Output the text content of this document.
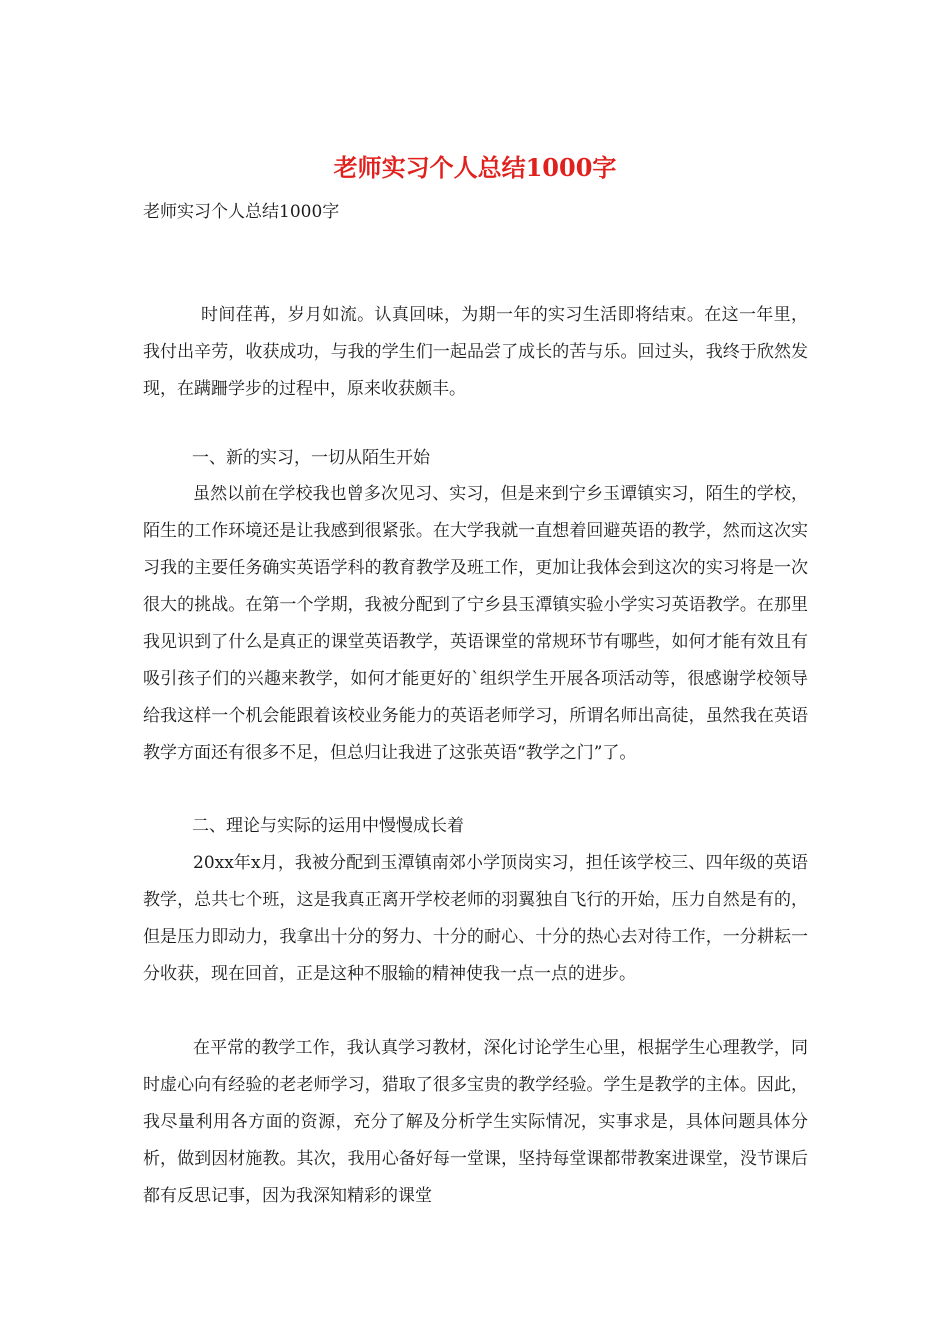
老师实习个人总结1000字

老师实习个人总结1000字

时间荏苒，岁月如流。认真回味，为期一年的实习生活即将结束。在这一年里，我付出辛劳，收获成功，与我的学生们一起品尝了成长的苦与乐。回过头，我终于欣然发现，在蹒跚学步的过程中，原来收获颇丰。

一、新的实习，一切从陌生开始

虽然以前在学校我也曾多次见习、实习，但是来到宁乡玉谭镇实习，陌生的学校，陌生的工作环境还是让我感到很紧张。在大学我就一直想着回避英语的教学，然而这次实习我的主要任务确实英语学科的教育教学及班工作，更加让我体会到这次的实习将是一次很大的挑战。在第一个学期，我被分配到了宁乡县玉潭镇实验小学实习英语教学。在那里我见识到了什么是真正的课堂英语教学，英语课堂的常规环节有哪些，如何才能有效且有吸引孩子们的兴趣来教学，如何才能更好的`组织学生开展各项活动等，很感谢学校领导给我这样一个机会能跟着该校业务能力的英语老师学习，所谓名师出高徒，虽然我在英语教学方面还有很多不足，但总归让我进了这张英语“教学之门”了。

二、理论与实际的运用中慢慢成长着

20xx年x月，我被分配到玉潭镇南郊小学顶岗实习，担任该学校三、四年级的英语教学，总共七个班，这是我真正离开学校老师的羽翼独自飞行的开始，压力自然是有的，但是压力即动力，我拿出十分的努力、十分的耐心、十分的热心去对待工作，一分耕耘一分收获，现在回首，正是这种不服输的精神使我一点一点的进步。

在平常的教学工作，我认真学习教材，深化讨论学生心里，根据学生心理教学，同时虚心向有经验的老老师学习，猎取了很多宝贵的教学经验。学生是教学的主体。因此，我尽量利用各方面的资源，充分了解及分析学生实际情况，实事求是，具体问题具体分析，做到因材施教。其次，我用心备好每一堂课，坚持每堂课都带教案进课堂，没节课后都有反思记事，因为我深知精彩的课堂
